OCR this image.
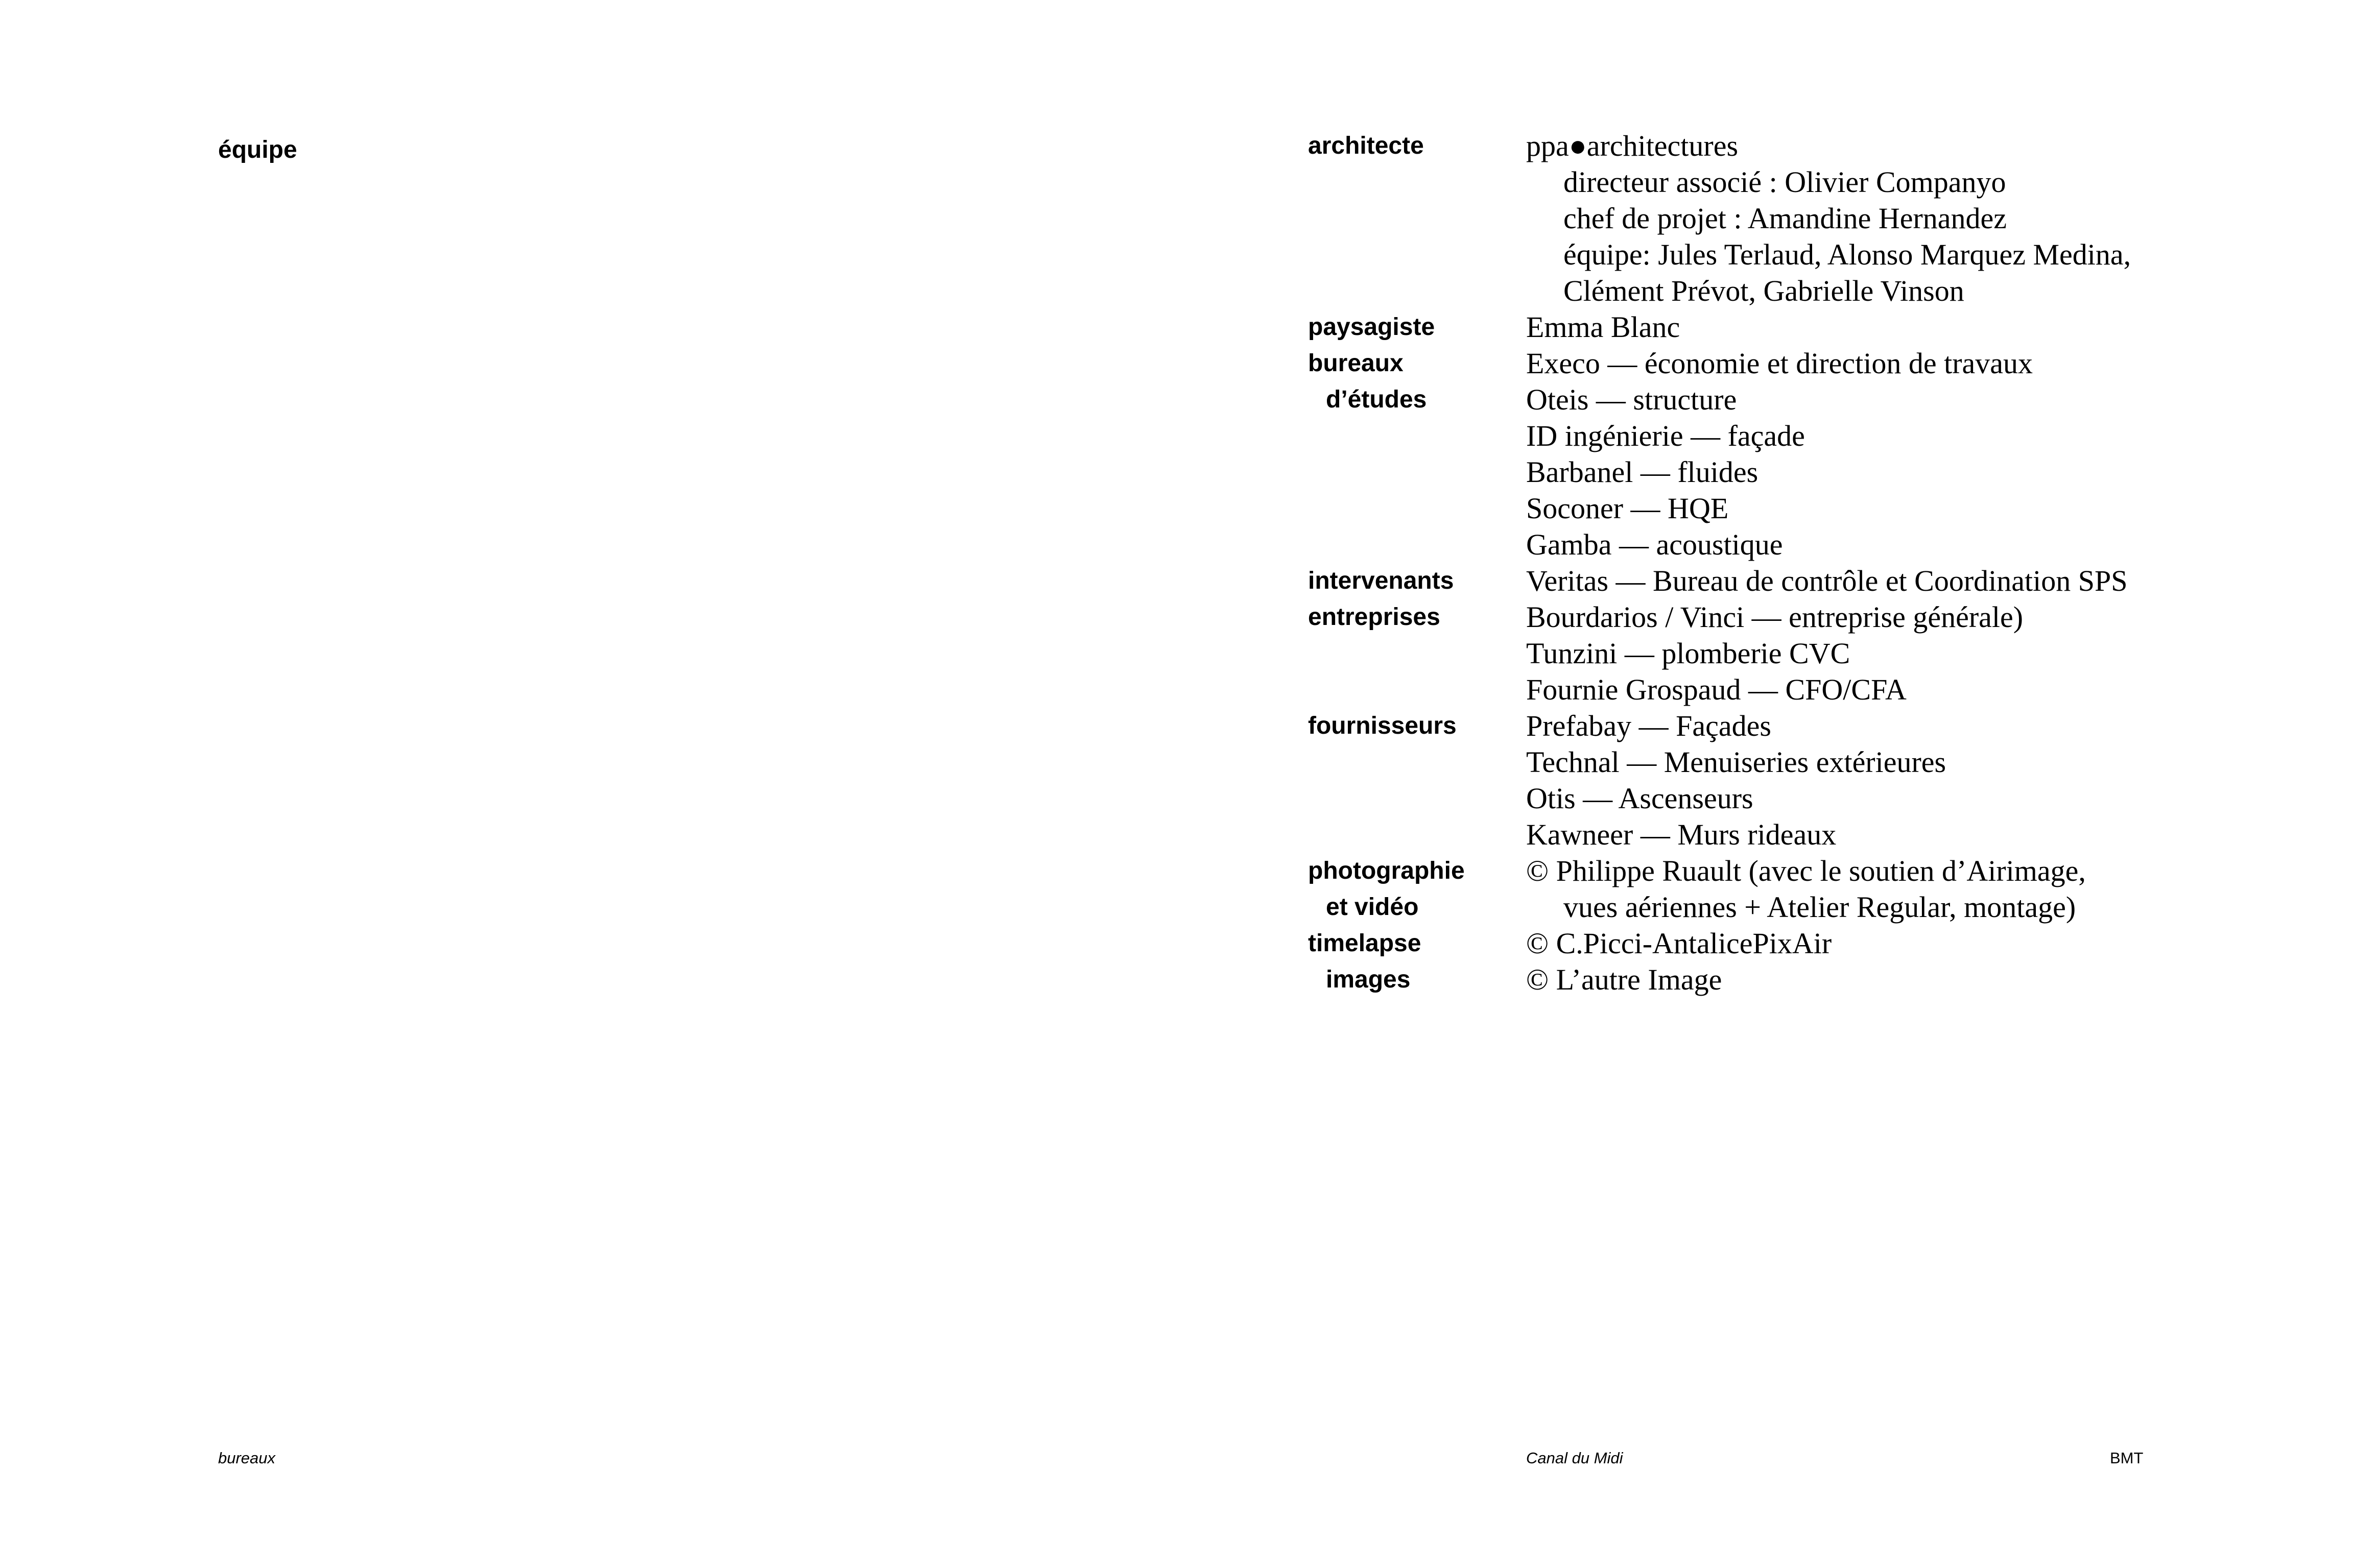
équipe	architecte	ppa●architectures
directeur associé : Olivier Companyo
chef de projet : Amandine Hernandez
équipe: Jules Terlaud, Alonso Marquez Medina,
Clément Prévot, Gabrielle Vinson
paysagiste	Emma Blanc
bureaux	Execo — économie et direction de travaux
d’études	Oteis — structure
ID ingénierie — façade
Barbanel — fluides
Soconer — HQE
Gamba — acoustique
intervenants Veritas — Bureau de contrôle et Coordination SPS
entreprises	Bourdarios / Vinci — entreprise générale)
Tunzini — plomberie CVC
Fournie Grospaud — CFO/CFA
fournisseurs Prefabay — Façades
Technal — Menuiseries extérieures
Otis — Ascenseurs
Kawneer — Murs rideaux
photographie © Philippe Ruault (avec le soutien d’Airimage,
et vidéo	vues aériennes + Atelier Regular, montage)
timelapse	© C.Picci-AntalicePixAir
images	© L’autre Image
bureaux	Canal du Midi	BMT
